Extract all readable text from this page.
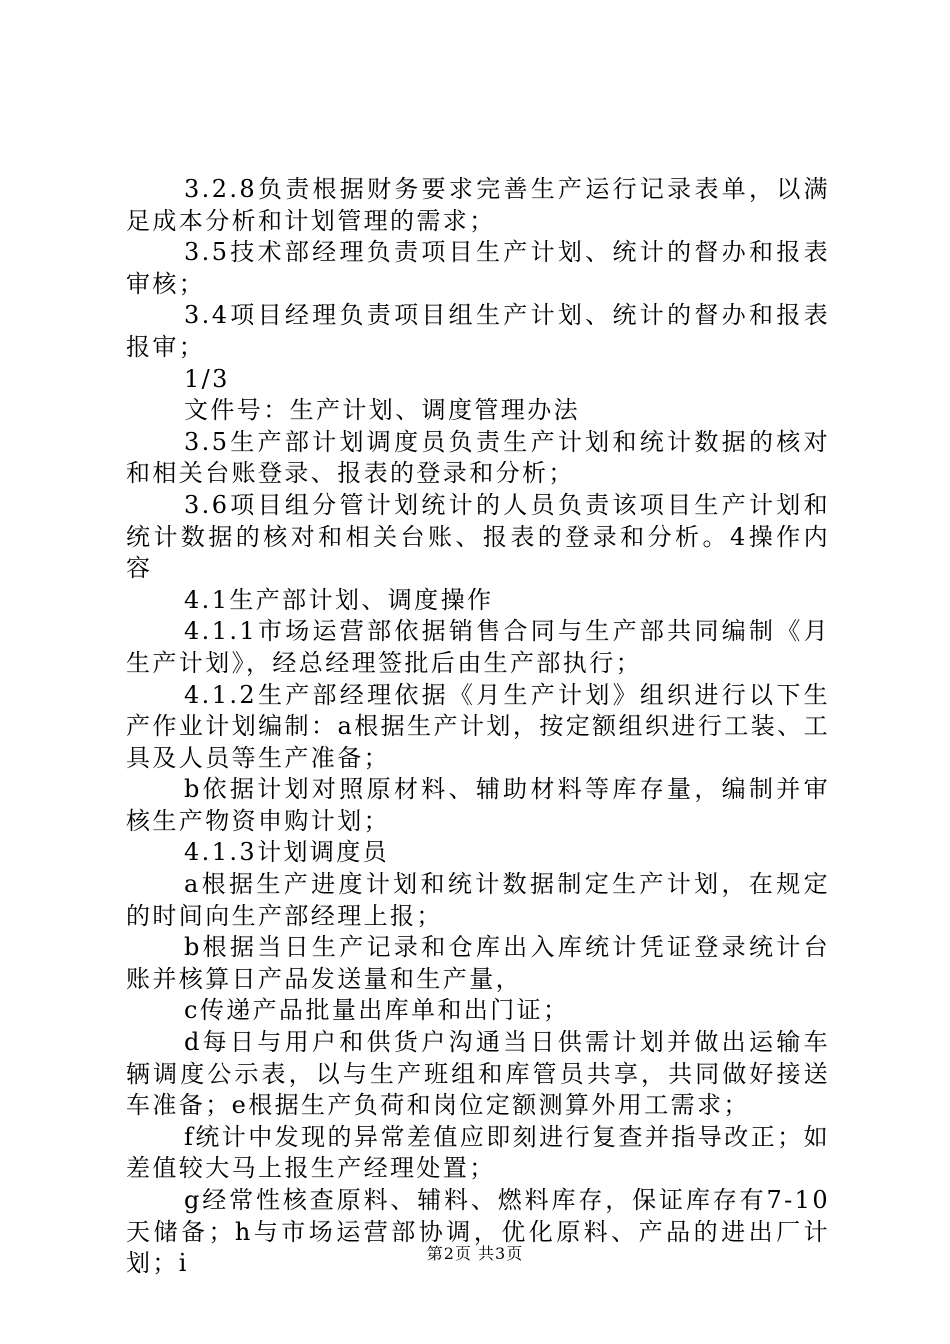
3.2.8负责根据财务要求完善生产运行记录表单，以满足成本分析和计划管理的需求；

3.5技术部经理负责项目生产计划、统计的督办和报表审核；

3.4项目经理负责项目组生产计划、统计的督办和报表报审；

1/3

文件号：生产计划、调度管理办法

3.5生产部计划调度员负责生产计划和统计数据的核对和相关台账登录、报表的登录和分析；

3.6项目组分管计划统计的人员负责该项目生产计划和统计数据的核对和相关台账、报表的登录和分析。4操作内容

4.1生产部计划、调度操作

4.1.1市场运营部依据销售合同与生产部共同编制《月生产计划》，经总经理签批后由生产部执行；

4.1.2生产部经理依据《月生产计划》组织进行以下生产作业计划编制：a根据生产计划，按定额组织进行工装、工具及人员等生产准备；

b依据计划对照原材料、辅助材料等库存量，编制并审核生产物资申购计划；

4.1.3计划调度员

a根据生产进度计划和统计数据制定生产计划，在规定的时间向生产部经理上报；

b根据当日生产记录和仓库出入库统计凭证登录统计台账并核算日产品发送量和生产量，

c传递产品批量出库单和出门证；

d每日与用户和供货户沟通当日供需计划并做出运输车辆调度公示表，以与生产班组和库管员共享，共同做好接送车准备；e根据生产负荷和岗位定额测算外用工需求；

f统计中发现的异常差值应即刻进行复查并指导改正；如差值较大马上报生产经理处置；

g经常性核查原料、辅料、燃料库存，保证库存有7-10天储备；h与市场运营部协调，优化原料、产品的进出厂计划；i	第2页 共3页
